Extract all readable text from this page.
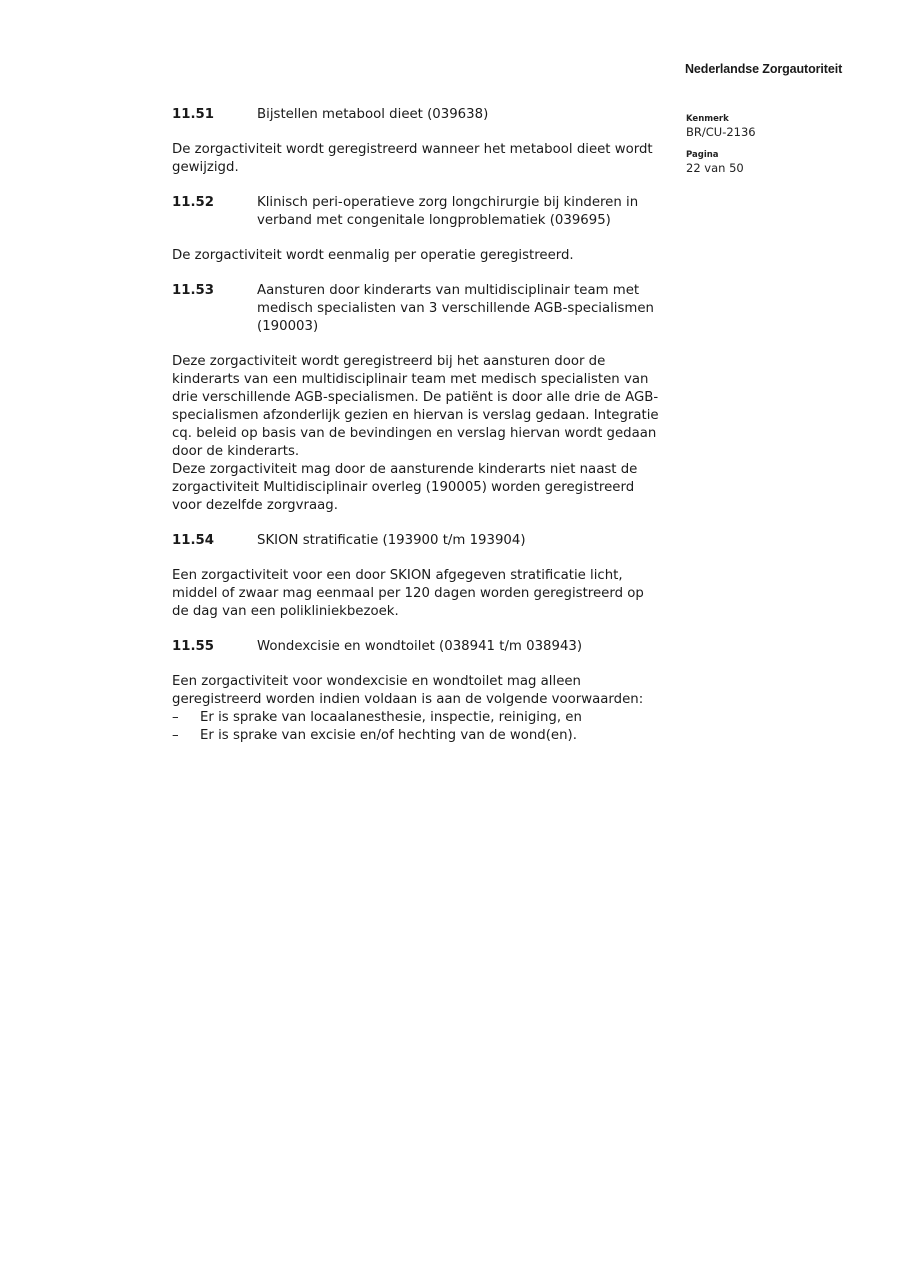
Nederlandse Zorgautoriteit
Kenmerk
BR/CU-2136
Pagina
22 van 50
11.51	Bijstellen metabool dieet (039638)

De zorgactiviteit wordt geregistreerd wanneer het metabool dieet wordt
gewijzigd.

11.52	Klinisch peri-operatieve zorg longchirurgie bij kinderen in
verband met congenitale longproblematiek (039695)

De zorgactiviteit wordt eenmalig per operatie geregistreerd.

11.53	Aansturen door kinderarts van multidisciplinair team met
medisch specialisten van 3 verschillende AGB-specialismen
(190003)

Deze zorgactiviteit wordt geregistreerd bij het aansturen door de
kinderarts van een multidisciplinair team met medisch specialisten van
drie verschillende AGB-specialismen. De patiënt is door alle drie de AGB-
specialismen afzonderlijk gezien en hiervan is verslag gedaan. Integratie
cq. beleid op basis van de bevindingen en verslag hiervan wordt gedaan
door de kinderarts.
Deze zorgactiviteit mag door de aansturende kinderarts niet naast de
zorgactiviteit Multidisciplinair overleg (190005) worden geregistreerd
voor dezelfde zorgvraag.

11.54	SKION stratificatie (193900 t/m 193904)

Een zorgactiviteit voor een door SKION afgegeven stratificatie licht,
middel of zwaar mag eenmaal per 120 dagen worden geregistreerd op
de dag van een polikliniekbezoek.

11.55	Wondexcisie en wondtoilet (038941 t/m 038943)

Een zorgactiviteit voor wondexcisie en wondtoilet mag alleen
geregistreerd worden indien voldaan is aan de volgende voorwaarden:

–	Er is sprake van locaalanesthesie, inspectie, reiniging, en
–	Er is sprake van excisie en/of hechting van de wond(en).
